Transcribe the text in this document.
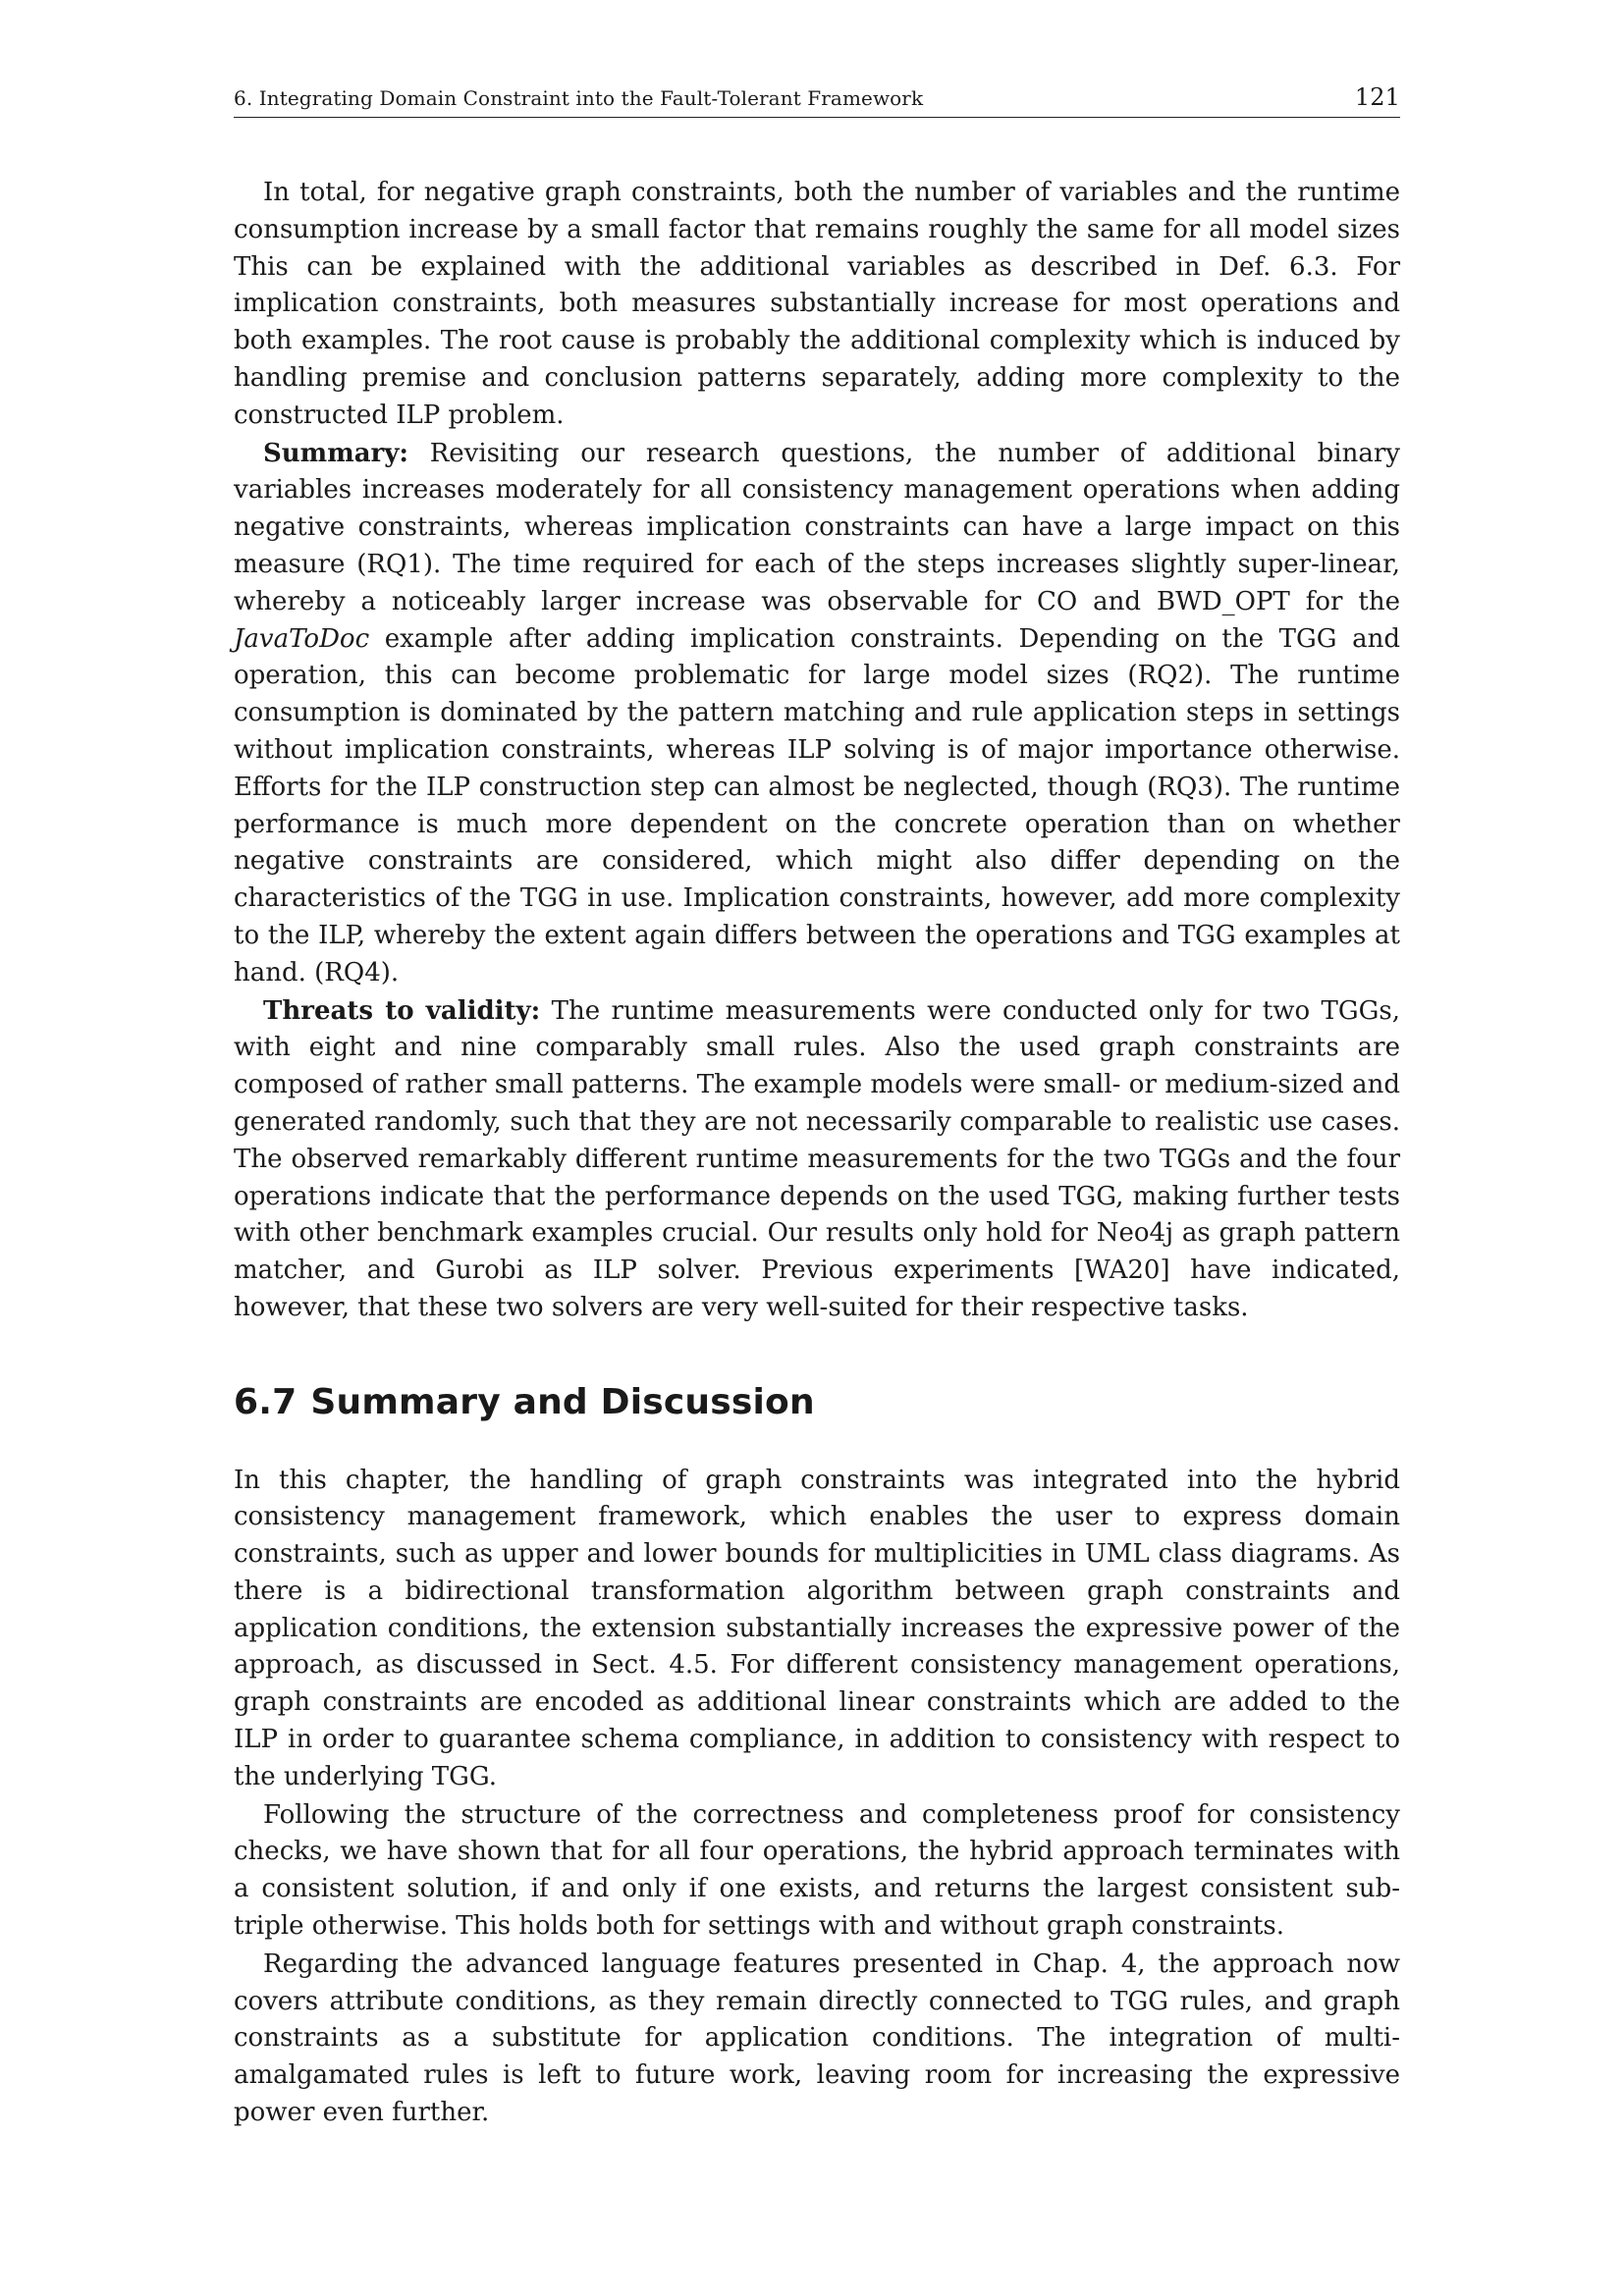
6. Integrating Domain Constraint into the Fault-Tolerant Framework	121

In total, for negative graph constraints, both the number of variables and the runtime consumption increase by a small factor that remains roughly the same for all model sizes This can be explained with the additional variables as described in Def. 6.3. For implication constraints, both measures substantially increase for most operations and both examples. The root cause is probably the additional complexity which is induced by handling premise and conclusion patterns separately, adding more complexity to the constructed ILP problem.

Summary: Revisiting our research questions, the number of additional binary variables increases moderately for all consistency management operations when adding negative constraints, whereas implication constraints can have a large impact on this measure (RQ1). The time required for each of the steps increases slightly super-linear, whereby a noticeably larger increase was observable for CO and BWD_OPT for the JavaToDoc example after adding implication constraints. Depending on the TGG and operation, this can become problematic for large model sizes (RQ2). The runtime consumption is dominated by the pattern matching and rule application steps in settings without implication constraints, whereas ILP solving is of major importance otherwise. Efforts for the ILP construction step can almost be neglected, though (RQ3). The runtime performance is much more dependent on the concrete operation than on whether negative constraints are considered, which might also differ depending on the characteristics of the TGG in use. Implication constraints, however, add more complexity to the ILP, whereby the extent again differs between the operations and TGG examples at hand. (RQ4).

Threats to validity: The runtime measurements were conducted only for two TGGs, with eight and nine comparably small rules. Also the used graph constraints are composed of rather small patterns. The example models were small- or medium-sized and generated randomly, such that they are not necessarily comparable to realistic use cases. The observed remarkably different runtime measurements for the two TGGs and the four operations indicate that the performance depends on the used TGG, making further tests with other benchmark examples crucial. Our results only hold for Neo4j as graph pattern matcher, and Gurobi as ILP solver. Previous experiments [WA20] have indicated, however, that these two solvers are very well-suited for their respective tasks.

6.7 Summary and Discussion

In this chapter, the handling of graph constraints was integrated into the hybrid consistency management framework, which enables the user to express domain constraints, such as upper and lower bounds for multiplicities in UML class diagrams. As there is a bidirectional transformation algorithm between graph constraints and application conditions, the extension substantially increases the expressive power of the approach, as discussed in Sect. 4.5. For different consistency management operations, graph constraints are encoded as additional linear constraints which are added to the ILP in order to guarantee schema compliance, in addition to consistency with respect to the underlying TGG.

Following the structure of the correctness and completeness proof for consistency checks, we have shown that for all four operations, the hybrid approach terminates with a consistent solution, if and only if one exists, and returns the largest consistent sub-triple otherwise. This holds both for settings with and without graph constraints.

Regarding the advanced language features presented in Chap. 4, the approach now covers attribute conditions, as they remain directly connected to TGG rules, and graph constraints as a substitute for application conditions. The integration of multi-amalgamated rules is left to future work, leaving room for increasing the expressive power even further.
